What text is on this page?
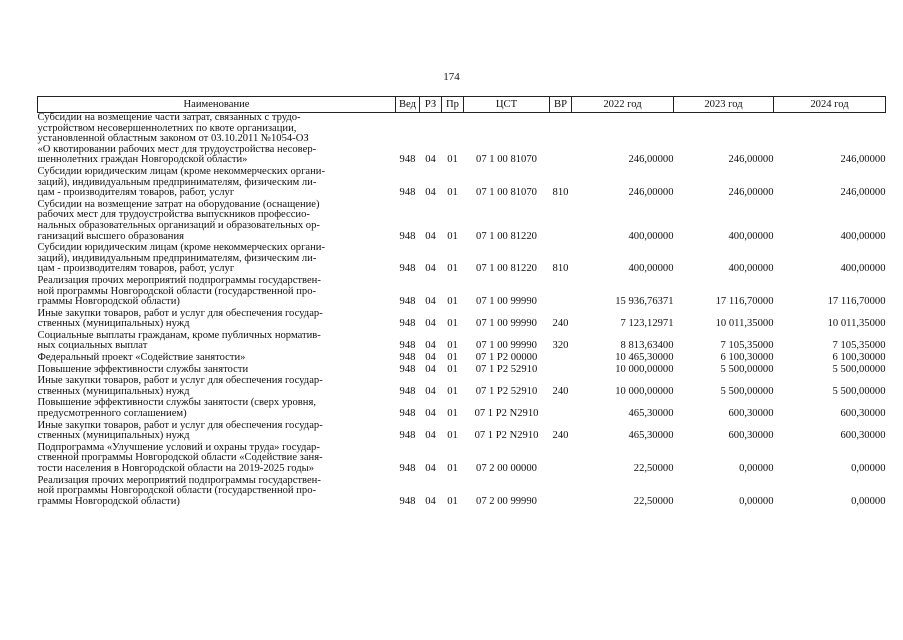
174
Наименование	Вед	РЗ	Пр	ЦСТ	ВР	2022 год	2023 год	2024 год

Субсидии на возмещение части затрат, связанных с трудо-
устройством несовершеннолетних по квоте организации,
установленной областным законом от 03.10.2011 №1054-ОЗ
«О квотировании рабочих мест для трудоустройства несовер-
шеннолетних граждан Новгородской области»	948	04	01	07 1 00 81070		246,00000	246,00000	246,00000

Субсидии юридическим лицам (кроме некоммерческих органи-
заций), индивидуальным предпринимателям, физическим ли-
цам - производителям товаров, работ, услуг	948	04	01	07 1 00 81070	810	246,00000	246,00000	246,00000

Субсидии на возмещение затрат на оборудование (оснащение)
рабочих мест для трудоустройства выпускников профессио-
нальных образовательных организаций и образовательных ор-
ганизаций высшего образования	948	04	01	07 1 00 81220		400,00000	400,00000	400,00000

Субсидии юридическим лицам (кроме некоммерческих органи-
заций), индивидуальным предпринимателям, физическим ли-
цам - производителям товаров, работ, услуг	948	04	01	07 1 00 81220	810	400,00000	400,00000	400,00000

Реализация прочих мероприятий подпрограммы государствен-
ной программы Новгородской области (государственной про-
граммы Новгородской области)	948	04	01	07 1 00 99990		15 936,76371	17 116,70000	17 116,70000

Иные закупки товаров, работ и услуг для обеспечения государ-
ственных (муниципальных) нужд	948	04	01	07 1 00 99990	240	7 123,12971	10 011,35000	10 011,35000

Социальные выплаты гражданам, кроме публичных норматив-
ных социальных выплат	948	04	01	07 1 00 99990	320	8 813,63400	7 105,35000	7 105,35000

Федеральный проект «Содействие занятости»	948	04	01	07 1 P2 00000		10 465,30000	6 100,30000	6 100,30000

Повышение эффективности службы занятости	948	04	01	07 1 P2 52910		10 000,00000	5 500,00000	5 500,00000

Иные закупки товаров, работ и услуг для обеспечения государ-
ственных (муниципальных) нужд	948	04	01	07 1 P2 52910	240	10 000,00000	5 500,00000	5 500,00000

Повышение эффективности службы занятости (сверх уровня,
предусмотренного соглашением)	948	04	01	07 1 P2 N2910		465,30000	600,30000	600,30000

Иные закупки товаров, работ и услуг для обеспечения государ-
ственных (муниципальных) нужд	948	04	01	07 1 P2 N2910	240	465,30000	600,30000	600,30000

Подпрограмма «Улучшение условий и охраны труда» государ-
ственной программы Новгородской области «Содействие заня-
тости населения в Новгородской области на 2019-2025 годы»	948	04	01	07 2 00 00000		22,50000	0,00000	0,00000

Реализация прочих мероприятий подпрограммы государствен-
ной программы Новгородской области (государственной про-
граммы Новгородской области)	948	04	01	07 2 00 99990		22,50000	0,00000	0,00000
